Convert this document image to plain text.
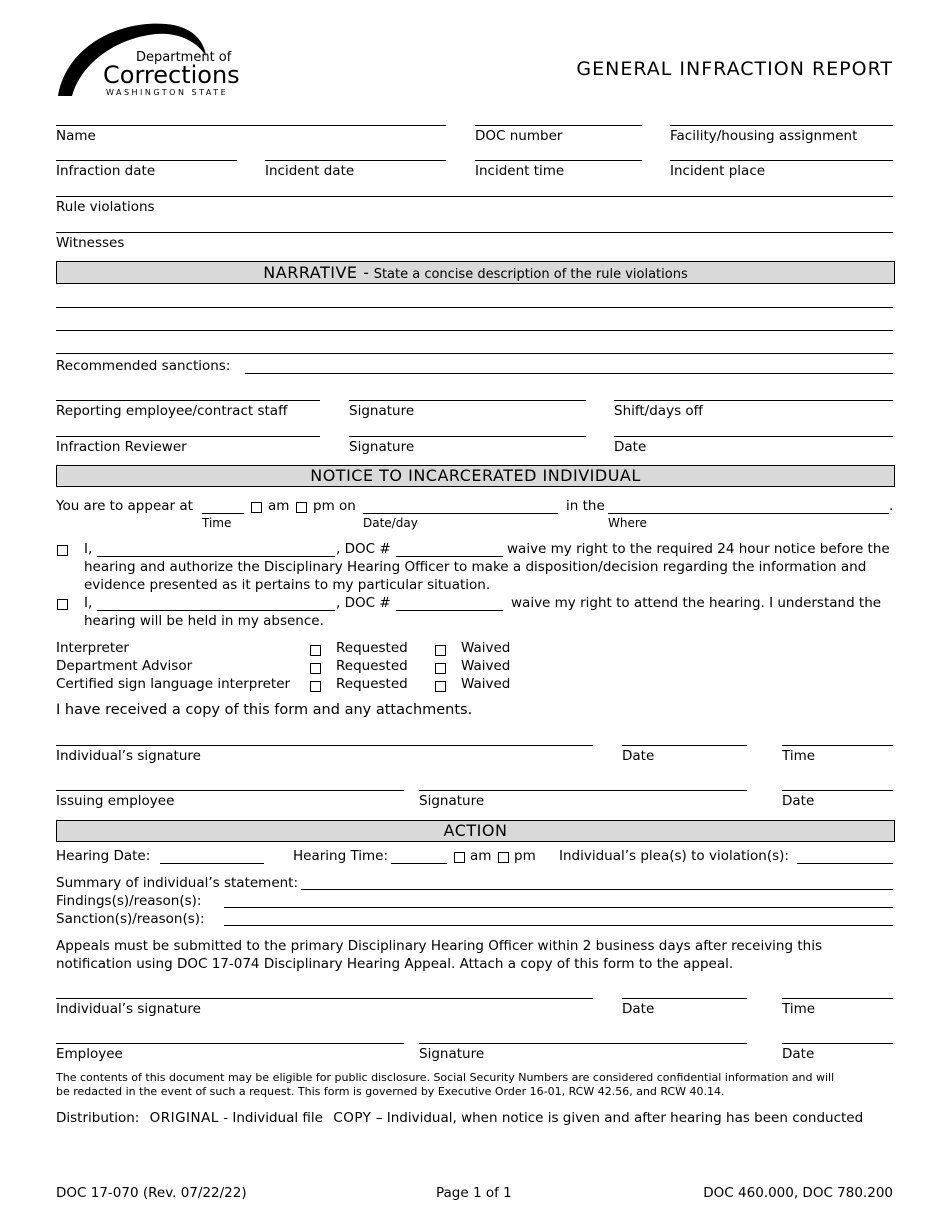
Department of
Corrections
WASHINGTON STATE
GENERAL INFRACTION REPORT
Name	DOC number	Facility/housing assignment
Infraction date	Incident date	Incident time	Incident place
Rule violations
Witnesses
NARRATIVE - State a concise description of the rule violations
Recommended sanctions:
Reporting employee/contract staff	Signature	Shift/days off
Infraction Reviewer	Signature	Date
NOTICE TO INCARCERATED INDIVIDUAL
You are to appear at	am pm on	in the	.
Time	Date/day	Where
I,	, DOC #	waive my right to the required 24 hour notice before the
hearing and authorize the Disciplinary Hearing Officer to make a disposition/decision regarding the information and
evidence presented as it pertains to my particular situation.
I,	, DOC #	waive my right to attend the hearing. I understand the
hearing will be held in my absence.
Interpreter	Requested	Waived
Department Advisor	Requested	Waived
Certified sign language interpreter	Requested	Waived
I have received a copy of this form and any attachments.
Individual’s signature	Date	Time
Issuing employee	Signature	Date
ACTION
Hearing Date:	Hearing Time:	am pm Individual’s plea(s) to violation(s):
Summary of individual’s statement:
Findings(s)/reason(s):
Sanction(s)/reason(s):
Appeals must be submitted to the primary Disciplinary Hearing Officer within 2 business days after receiving this
notification using DOC 17-074 Disciplinary Hearing Appeal. Attach a copy of this form to the appeal.
Individual’s signature	Date	Time
Employee	Signature	Date
The contents of this document may be eligible for public disclosure. Social Security Numbers are considered confidential information and will
be redacted in the event of such a request. This form is governed by Executive Order 16-01, RCW 42.56, and RCW 40.14.
Distribution: ORIGINAL - Individual file COPY – Individual, when notice is given and after hearing has been conducted
DOC 17-070 (Rev. 07/22/22)	Page 1 of 1	DOC 460.000, DOC 780.200
